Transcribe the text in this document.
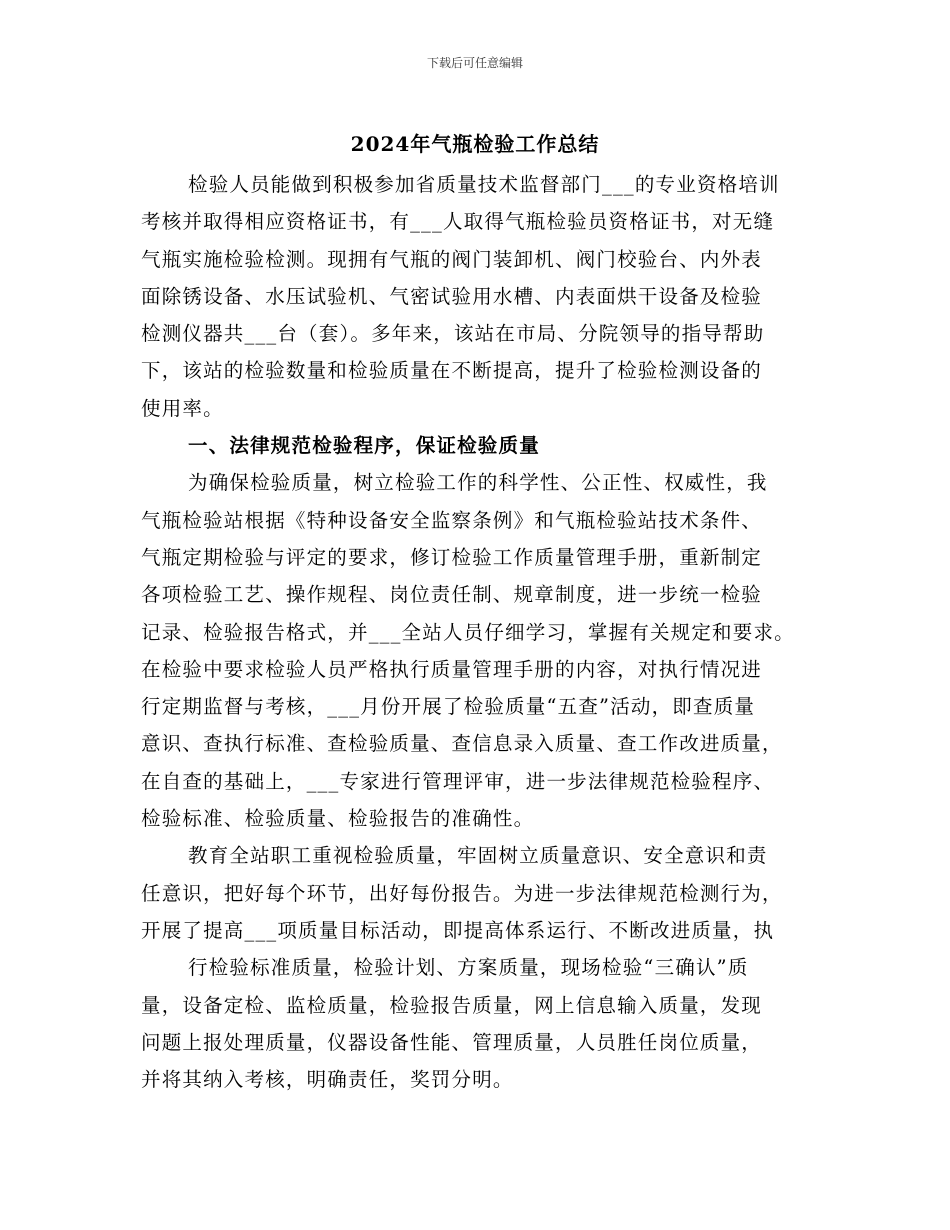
下载后可任意编辑
2024年气瓶检验工作总结
检验人员能做到积极参加省质量技术监督部门___的专业资格培训
考核并取得相应资格证书，有___人取得气瓶检验员资格证书，对无缝
气瓶实施检验检测。现拥有气瓶的阀门装卸机、阀门校验台、内外表
面除锈设备、水压试验机、气密试验用水槽、内表面烘干设备及检验
检测仪器共___台（套）。多年来，该站在市局、分院领导的指导帮助
下，该站的检验数量和检验质量在不断提高，提升了检验检测设备的
使用率。
一、法律规范检验程序，保证检验质量
为确保检验质量，树立检验工作的科学性、公正性、权威性，我
气瓶检验站根据《特种设备安全监察条例》和气瓶检验站技术条件、
气瓶定期检验与评定的要求，修订检验工作质量管理手册，重新制定
各项检验工艺、操作规程、岗位责任制、规章制度，进一步统一检验
记录、检验报告格式，并___全站人员仔细学习，掌握有关规定和要求。
在检验中要求检验人员严格执行质量管理手册的内容，对执行情况进
行定期监督与考核，___月份开展了检验质量“五查”活动，即查质量
意识、查执行标准、查检验质量、查信息录入质量、查工作改进质量，
在自查的基础上，___专家进行管理评审，进一步法律规范检验程序、
检验标准、检验质量、检验报告的准确性。
教育全站职工重视检验质量，牢固树立质量意识、安全意识和责
任意识，把好每个环节，出好每份报告。为进一步法律规范检测行为，
开展了提高___项质量目标活动，即提高体系运行、不断改进质量，执
行检验标准质量，检验计划、方案质量，现场检验“三确认”质
量，设备定检、监检质量，检验报告质量，网上信息输入质量，发现
问题上报处理质量，仪器设备性能、管理质量，人员胜任岗位质量，
并将其纳入考核，明确责任，奖罚分明。
